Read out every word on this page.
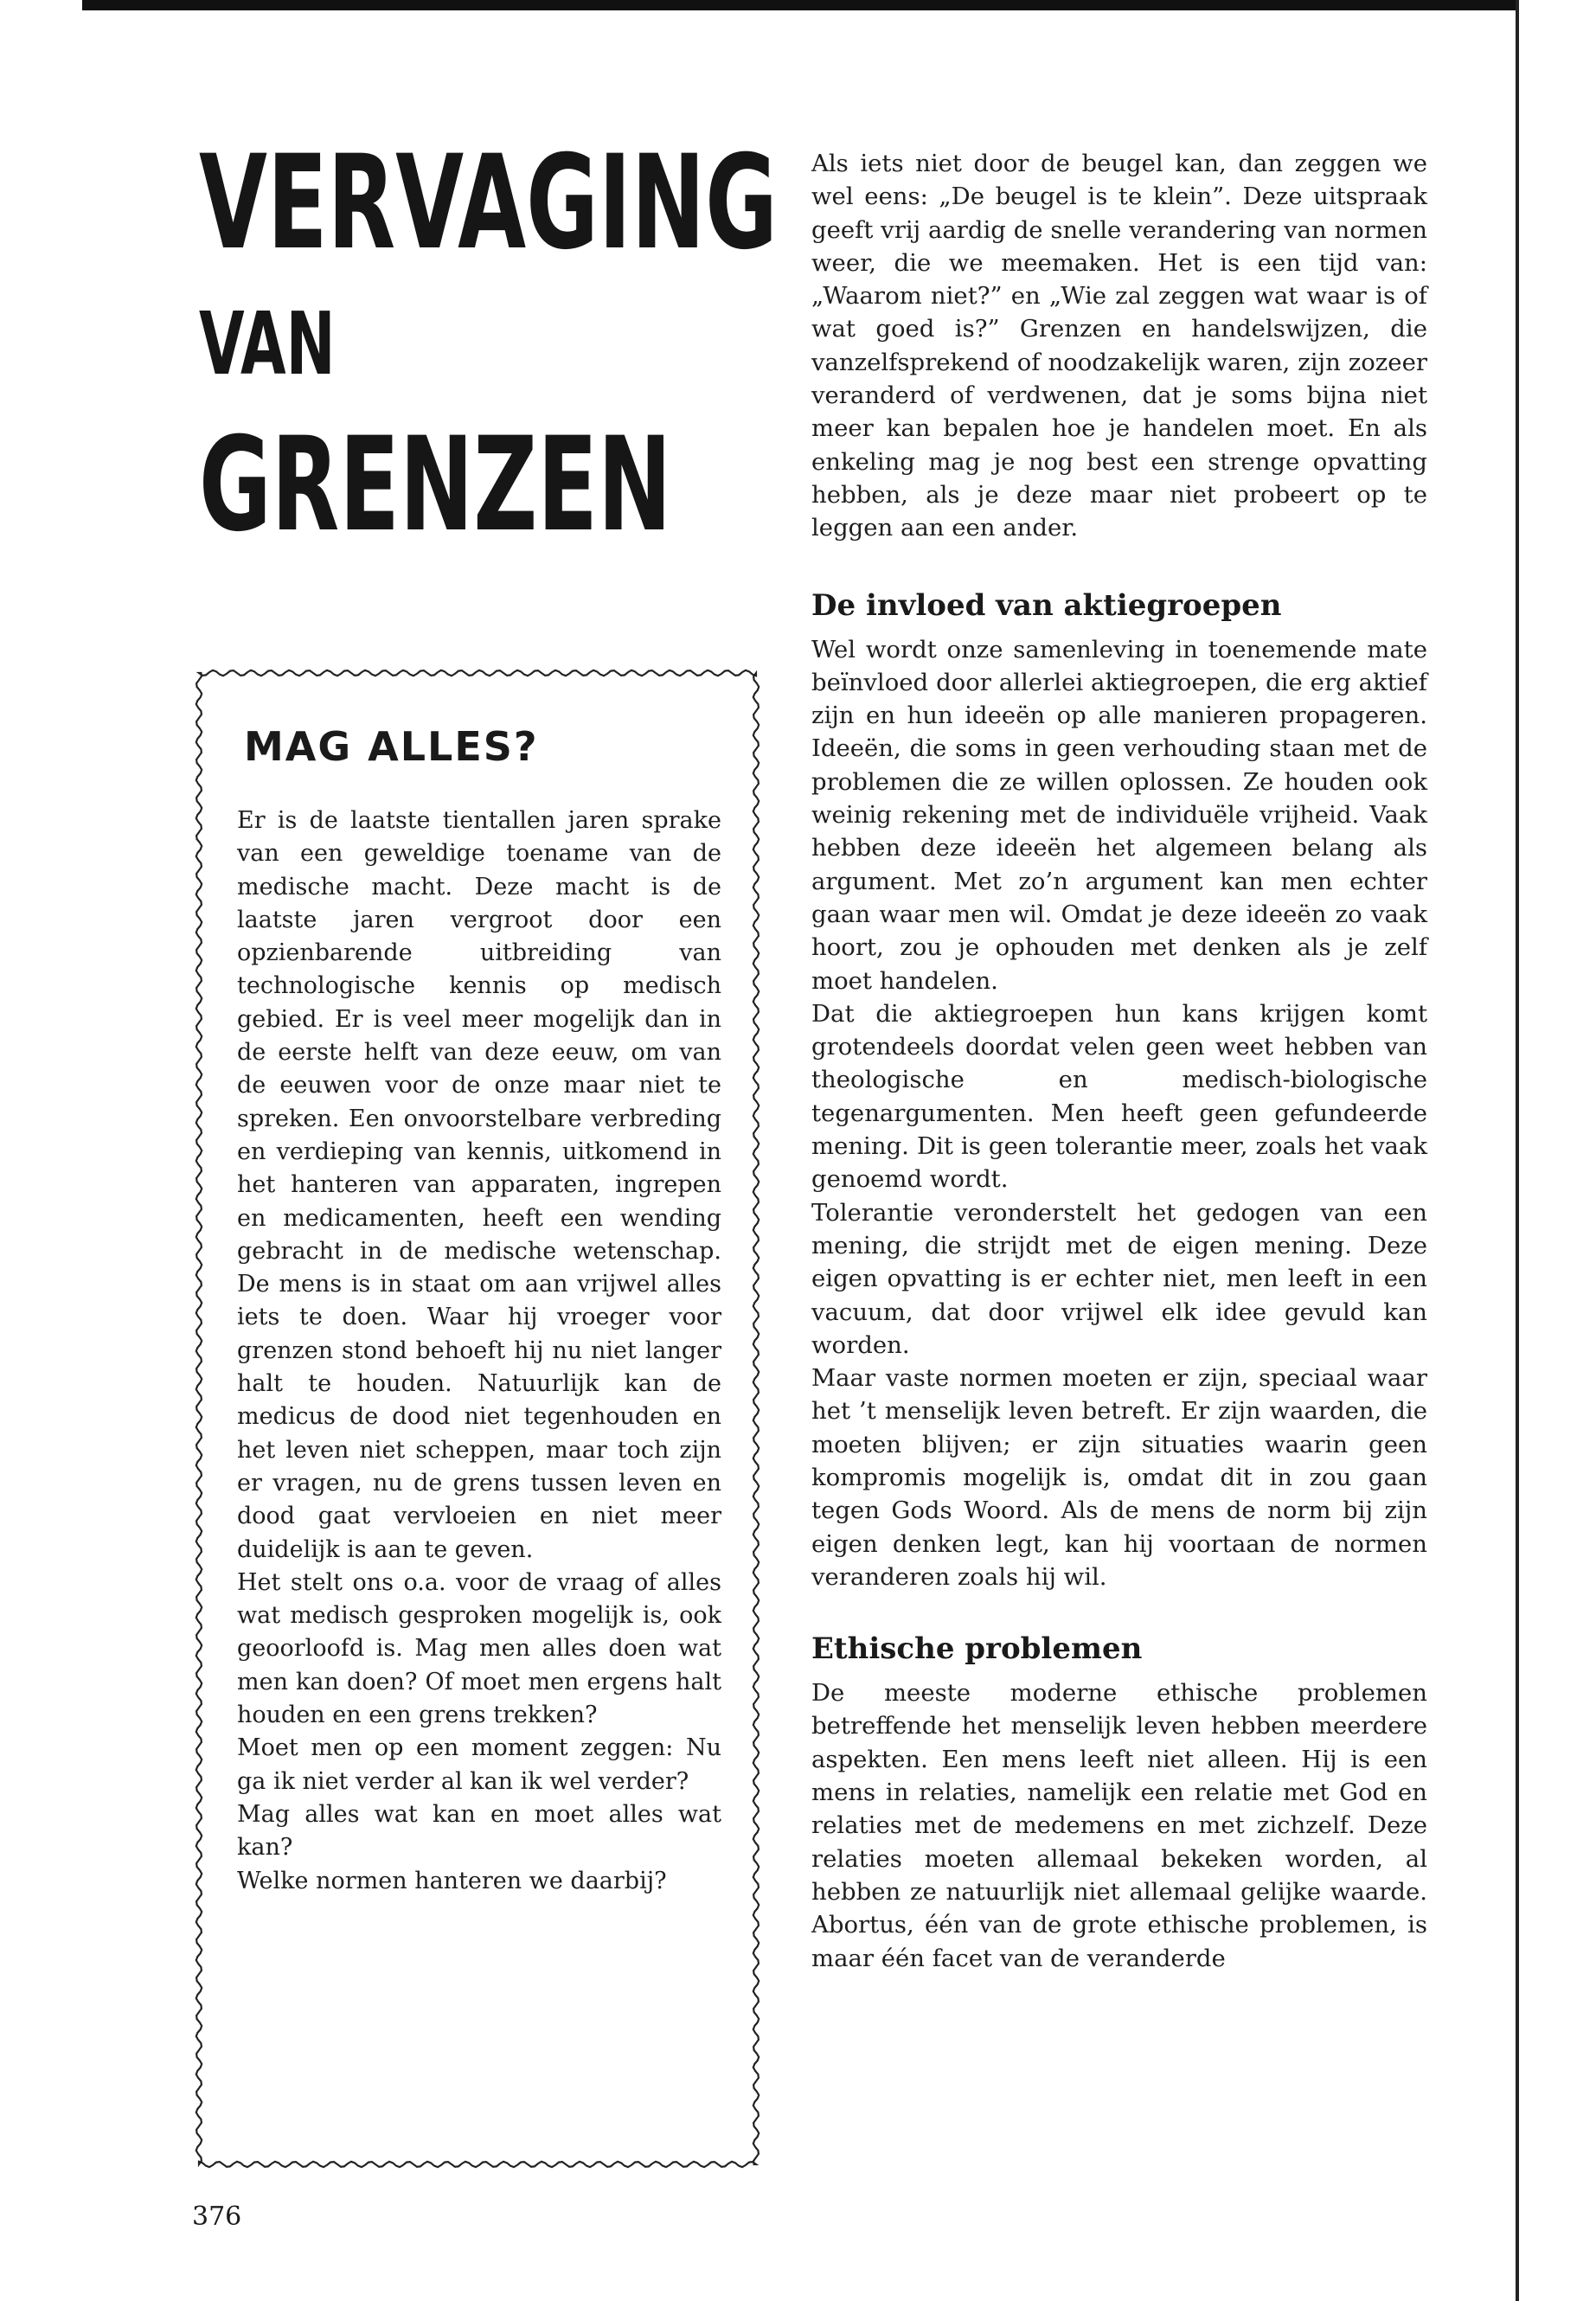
VERVAGING
VAN
GRENZEN
MAG ALLES?

Er is de laatste tientallen jaren sprake van een geweldige toename van de medische macht. Deze macht is de laatste jaren vergroot door een opzienbarende uitbreiding van technologische kennis op medisch gebied. Er is veel meer mogelijk dan in de eerste helft van deze eeuw, om van de eeuwen voor de onze maar niet te spreken. Een onvoorstelbare verbreding en verdieping van kennis, uitkomend in het hanteren van apparaten, ingrepen en medicamenten, heeft een wending gebracht in de medische wetenschap. De mens is in staat om aan vrijwel alles iets te doen. Waar hij vroeger voor grenzen stond behoeft hij nu niet langer halt te houden. Natuurlijk kan de medicus de dood niet tegenhouden en het leven niet scheppen, maar toch zijn er vragen, nu de grens tussen leven en dood gaat vervloeien en niet meer duidelijk is aan te geven.

Het stelt ons o.a. voor de vraag of alles wat medisch gesproken mogelijk is, ook geoorloofd is. Mag men alles doen wat men kan doen? Of moet men ergens halt houden en een grens trekken?

Moet men op een moment zeggen: Nu ga ik niet verder al kan ik wel verder?

Mag alles wat kan en moet alles wat kan?

Welke normen hanteren we daarbij?

Als iets niet door de beugel kan, dan zeggen we wel eens: „De beugel is te klein”. Deze uitspraak geeft vrij aardig de snelle verandering van normen weer, die we meemaken. Het is een tijd van: „Waarom niet?” en „Wie zal zeggen wat waar is of wat goed is?” Grenzen en handelswijzen, die vanzelfsprekend of noodzakelijk waren, zijn zozeer veranderd of verdwenen, dat je soms bijna niet meer kan bepalen hoe je handelen moet. En als enkeling mag je nog best een strenge opvatting hebben, als je deze maar niet probeert op te leggen aan een ander.

De invloed van aktiegroepen

Wel wordt onze samenleving in toenemende mate beïnvloed door allerlei aktiegroepen, die erg aktief zijn en hun ideeën op alle manieren propageren. Ideeën, die soms in geen verhouding staan met de problemen die ze willen oplossen. Ze houden ook weinig rekening met de individuële vrijheid. Vaak hebben deze ideeën het algemeen belang als argument. Met zo’n argument kan men echter gaan waar men wil. Omdat je deze ideeën zo vaak hoort, zou je ophouden met denken als je zelf moet handelen.

Dat die aktiegroepen hun kans krijgen komt grotendeels doordat velen geen weet hebben van theologische en medisch-biologische tegenargumenten. Men heeft geen gefundeerde mening. Dit is geen tolerantie meer, zoals het vaak genoemd wordt.

Tolerantie veronderstelt het gedogen van een mening, die strijdt met de eigen mening. Deze eigen opvatting is er echter niet, men leeft in een vacuum, dat door vrijwel elk idee gevuld kan worden.

Maar vaste normen moeten er zijn, speciaal waar het ’t menselijk leven betreft. Er zijn waarden, die moeten blijven; er zijn situaties waarin geen kompromis mogelijk is, omdat dit in zou gaan tegen Gods Woord. Als de mens de norm bij zijn eigen denken legt, kan hij voortaan de normen veranderen zoals hij wil.

Ethische problemen

De meeste moderne ethische problemen betreffende het menselijk leven hebben meerdere aspekten. Een mens leeft niet alleen. Hij is een mens in relaties, namelijk een relatie met God en relaties met de medemens en met zichzelf. Deze relaties moeten allemaal bekeken worden, al hebben ze natuurlijk niet allemaal gelijke waarde. Abortus, één van de grote ethische problemen, is maar één facet van de veranderde

376
